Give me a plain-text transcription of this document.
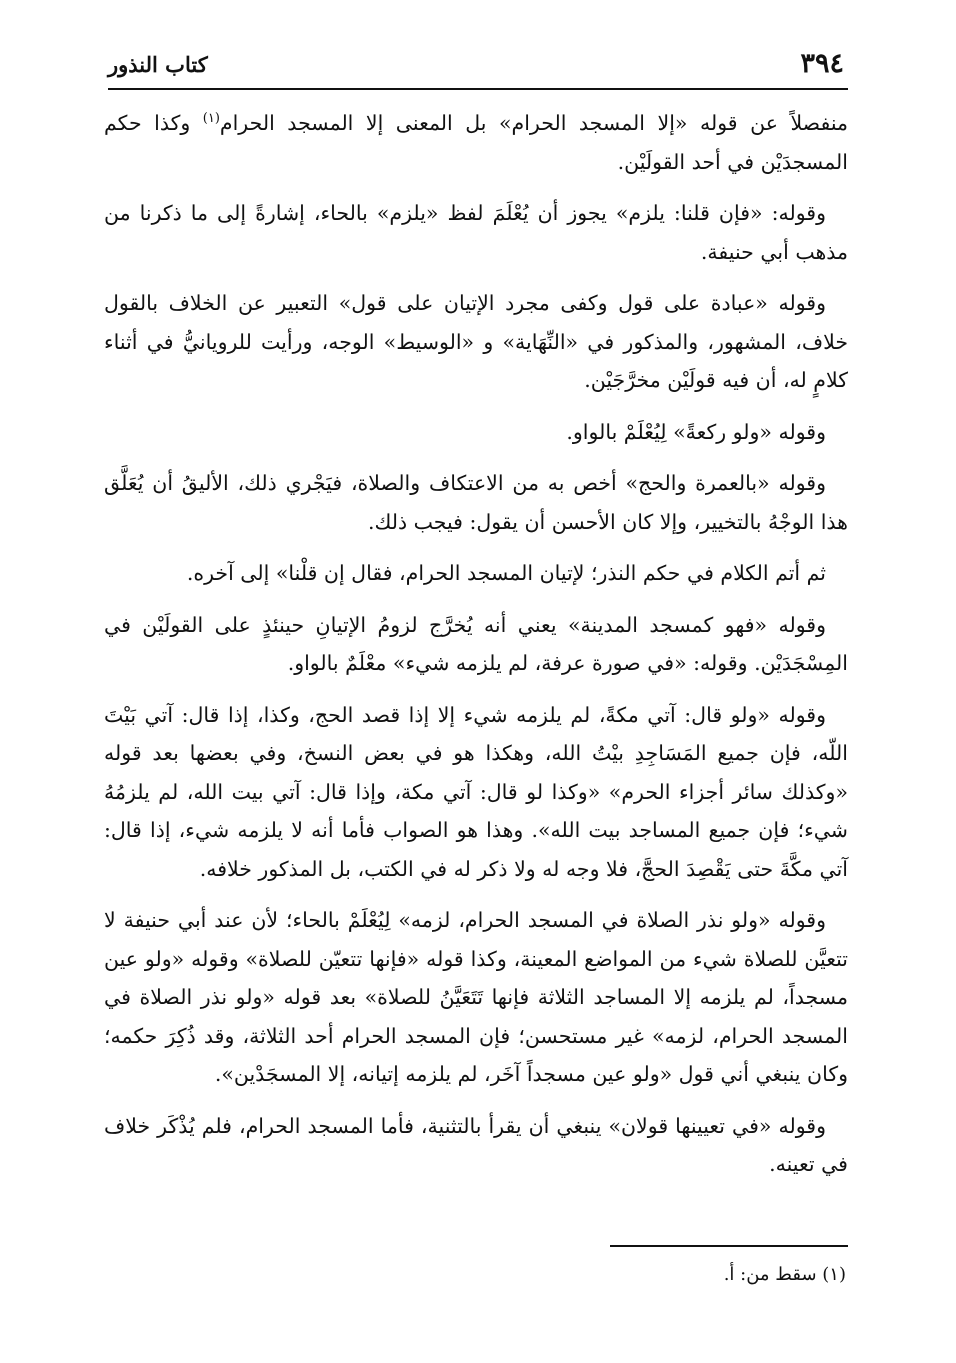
كتاب النذور	٣٩٤

منفصلاً عن قوله «إلا المسجد الحرام» بل المعنى إلا المسجد الحرام$^{(١)}$ وكذا حكم المسجدَيْن في أحد القولَيْن.

وقوله: «فإن قلنا: يلزم» يجوز أن يُعْلَمَ لفظ «يلزم» بالحاء، إشارةً إلى ما ذكرنا من مذهب أبي حنيفة.

وقوله «عبادة على قول وكفى مجرد الإتيان على قول» التعبير عن الخلاف بالقول خلاف، المشهور، والمذكور في «النِّهَاية» و «الوسيط» الوجه، ورأيت للرويانيُّ في أثناء كلامٍ له، أن فيه قولَيْن مخرَّجَيْن.

وقوله «ولو ركعةً» لِيُعْلَمْ بالواو.

وقوله «بالعمرة والحج» أخص به من الاعتكاف والصلاة، فيَجْري ذلك، الأليقُ أن يُعَلَّق هذا الوجْهُ بالتخيير، وإلا كان الأحسن أن يقول: فيجب ذلك.

ثم أتم الكلام في حكم النذر؛ لإتيان المسجد الحرام، فقال إن قلْنا» إلى آخره.

وقوله «فهو كمسجد المدينة» يعني أنه يُخرَّج لزومُ الإتيانِ حينئذٍ على القولَيْن في المِسْجَدَيْن. وقوله: «في صورة عرفة، لم يلزمه شيء» معْلَمٌ بالواو.

وقوله «ولو قال: آتي مكةً، لم يلزمه شيء إلا إذا قصد الحج، وكذا، إذا قال: آتي بَيْتَ اللّه، فإن جميع المَسَاجِدِ بيْتُ الله، وهكذا هو في بعض النسخ، وفي بعضها بعد قوله «وكذلك سائر أجزاء الحرم» «وكذا لو قال: آتي مكة، وإذا قال: آتي بيت الله، لم يلزمُهُ شيء؛ فإن جميع المساجد بيت الله». وهذا هو الصواب فأما أنه لا يلزمه شيء، إذا قال: آتي مكَّةَ حتى يَقْصِدَ الحجَّ، فلا وجه له ولا ذكر له في الكتب، بل المذكور خلافه.

وقوله «ولو نذر الصلاة في المسجد الحرام، لزمه» لِيُعْلَمْ بالحاء؛ لأن عند أبي حنيفة لا تتعيَّن للصلاة شيء من المواضع المعينة، وكذا قوله «فإنها تتعيّن للصلاة» وقوله «ولو عين مسجداً، لم يلزمه إلا المساجد الثلاثة فإنها تَتَعَيَّنُ للصلاة» بعد قوله «ولو نذر الصلاة في المسجد الحرام، لزمه» غير مستحسن؛ فإن المسجد الحرام أحد الثلاثة، وقد ذُكِرَ حكمه؛ وكان ينبغي أني قول «ولو عين مسجداً آخَر، لم يلزمه إتيانه، إلا المسجَدْين».

وقوله «في تعيينها قولان» ينبغي أن يقرأ بالتثنية، فأما المسجد الحرام، فلم يُذْكَر خلاف في تعينه.

(١) سقط من: أ.
